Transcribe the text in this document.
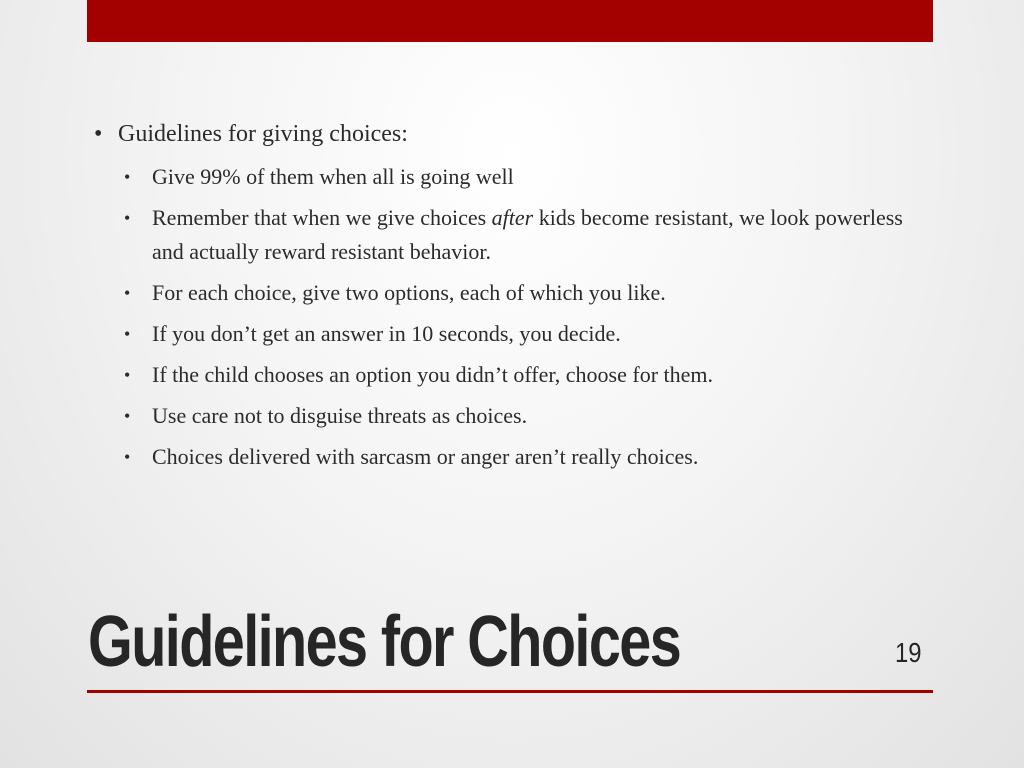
• Guidelines for giving choices:
• Give 99% of them when all is going well
• Remember that when we give choices after kids become resistant, we look powerless and actually reward resistant behavior.
• For each choice, give two options, each of which you like.
• If you don’t get an answer in 10 seconds, you decide.
• If the child chooses an option you didn’t offer, choose for them.
• Use care not to disguise threats as choices.
• Choices delivered with sarcasm or anger aren’t really choices.
Guidelines for Choices	19
